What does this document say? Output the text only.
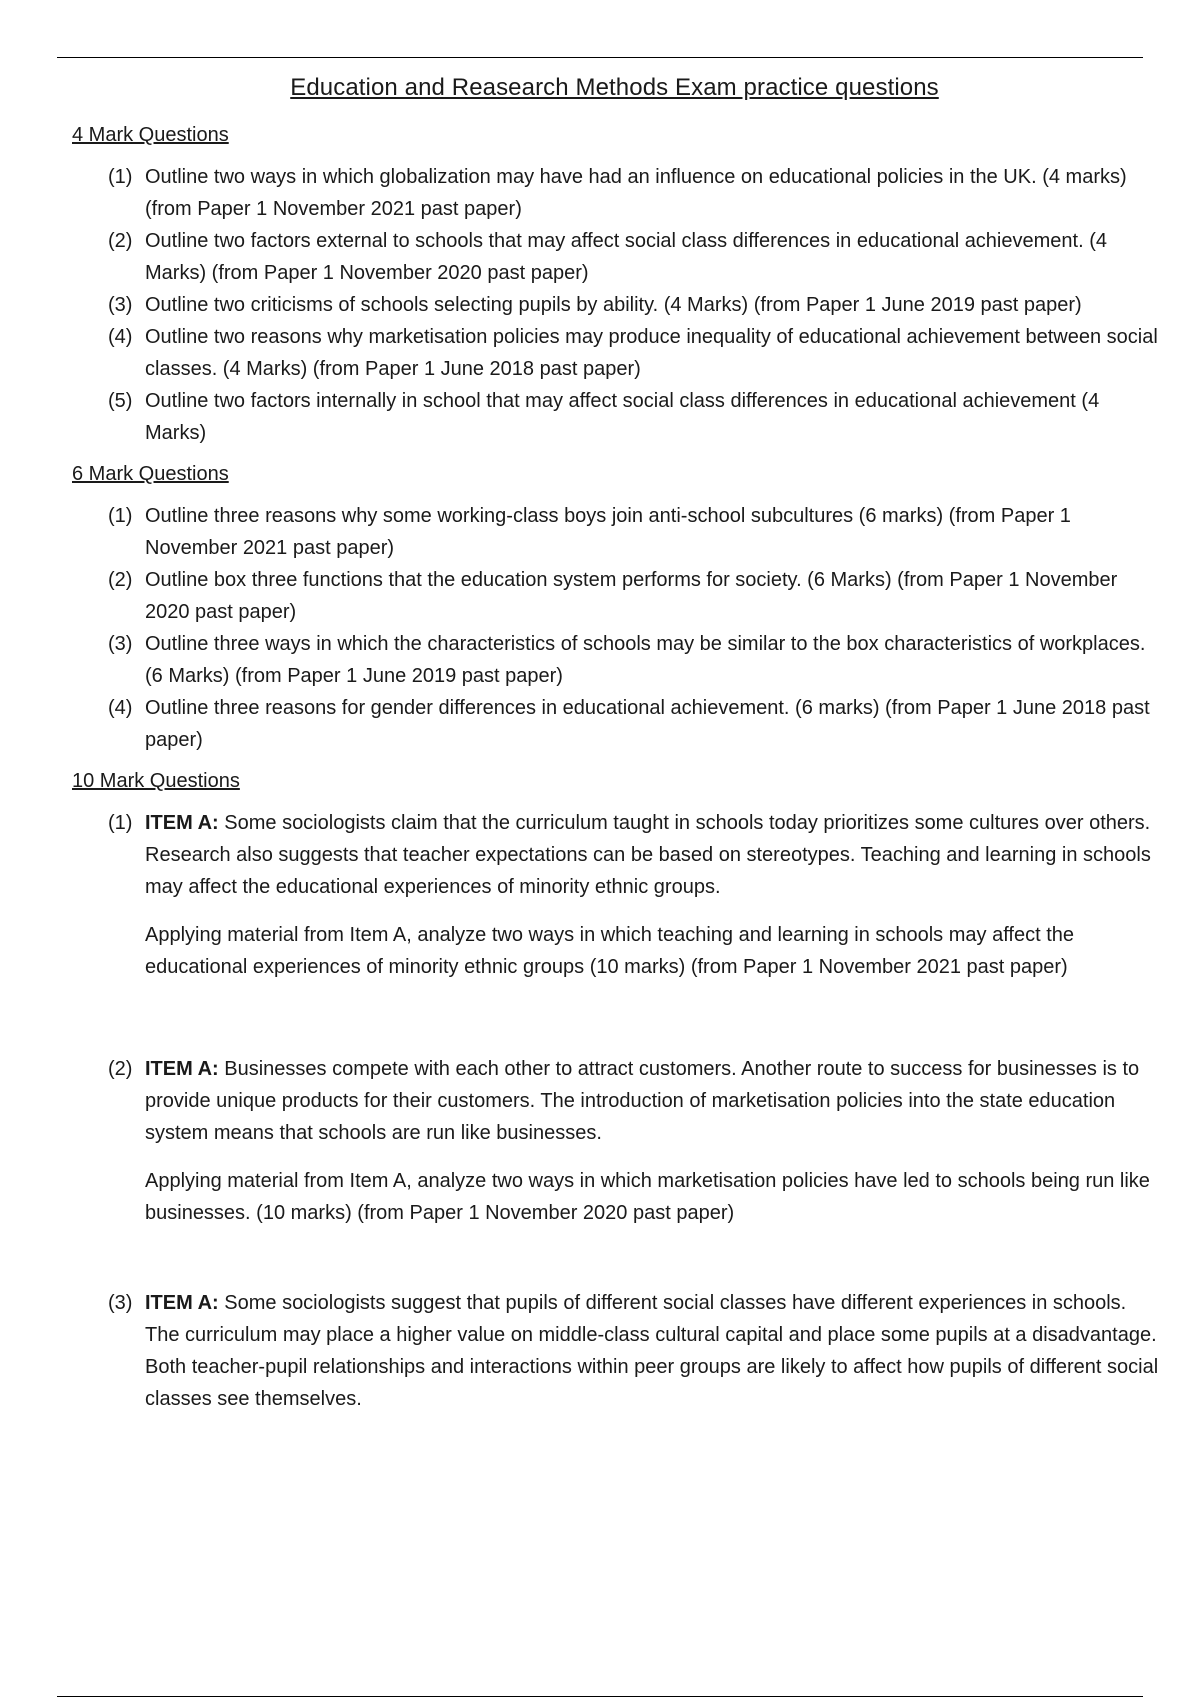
Education and Reasearch Methods Exam practice questions
4 Mark Questions
(1) Outline two ways in which globalization may have had an influence on educational policies in the UK. (4 marks) (from Paper 1 November 2021 past paper)
(2) Outline two factors external to schools that may affect social class differences in educational achievement. (4 Marks) (from Paper 1 November 2020 past paper)
(3) Outline two criticisms of schools selecting pupils by ability. (4 Marks) (from Paper 1 June 2019 past paper)
(4) Outline two reasons why marketisation policies may produce inequality of educational achievement between social classes. (4 Marks) (from Paper 1 June 2018 past paper)
(5) Outline two factors internally in school that may affect social class differences in educational achievement (4 Marks)
6 Mark Questions
(1) Outline three reasons why some working-class boys join anti-school subcultures (6 marks) (from Paper 1 November 2021 past paper)
(2) Outline box three functions that the education system performs for society. (6 Marks) (from Paper 1 November 2020 past paper)
(3) Outline three ways in which the characteristics of schools may be similar to the box characteristics of workplaces. (6 Marks) (from Paper 1 June 2019 past paper)
(4) Outline three reasons for gender differences in educational achievement. (6 marks) (from Paper 1 June 2018 past paper)
10 Mark Questions
(1) ITEM A: Some sociologists claim that the curriculum taught in schools today prioritizes some cultures over others. Research also suggests that teacher expectations can be based on stereotypes. Teaching and learning in schools may affect the educational experiences of minority ethnic groups.

Applying material from Item A, analyze two ways in which teaching and learning in schools may affect the educational experiences of minority ethnic groups (10 marks) (from Paper 1 November 2021 past paper)

(2) ITEM A: Businesses compete with each other to attract customers. Another route to success for businesses is to provide unique products for their customers. The introduction of marketisation policies into the state education system means that schools are run like businesses.

Applying material from Item A, analyze two ways in which marketisation policies have led to schools being run like businesses. (10 marks) (from Paper 1 November 2020 past paper)

(3) ITEM A: Some sociologists suggest that pupils of different social classes have different experiences in schools. The curriculum may place a higher value on middle-class cultural capital and place some pupils at a disadvantage. Both teacher-pupil relationships and interactions within peer groups are likely to affect how pupils of different social classes see themselves.
